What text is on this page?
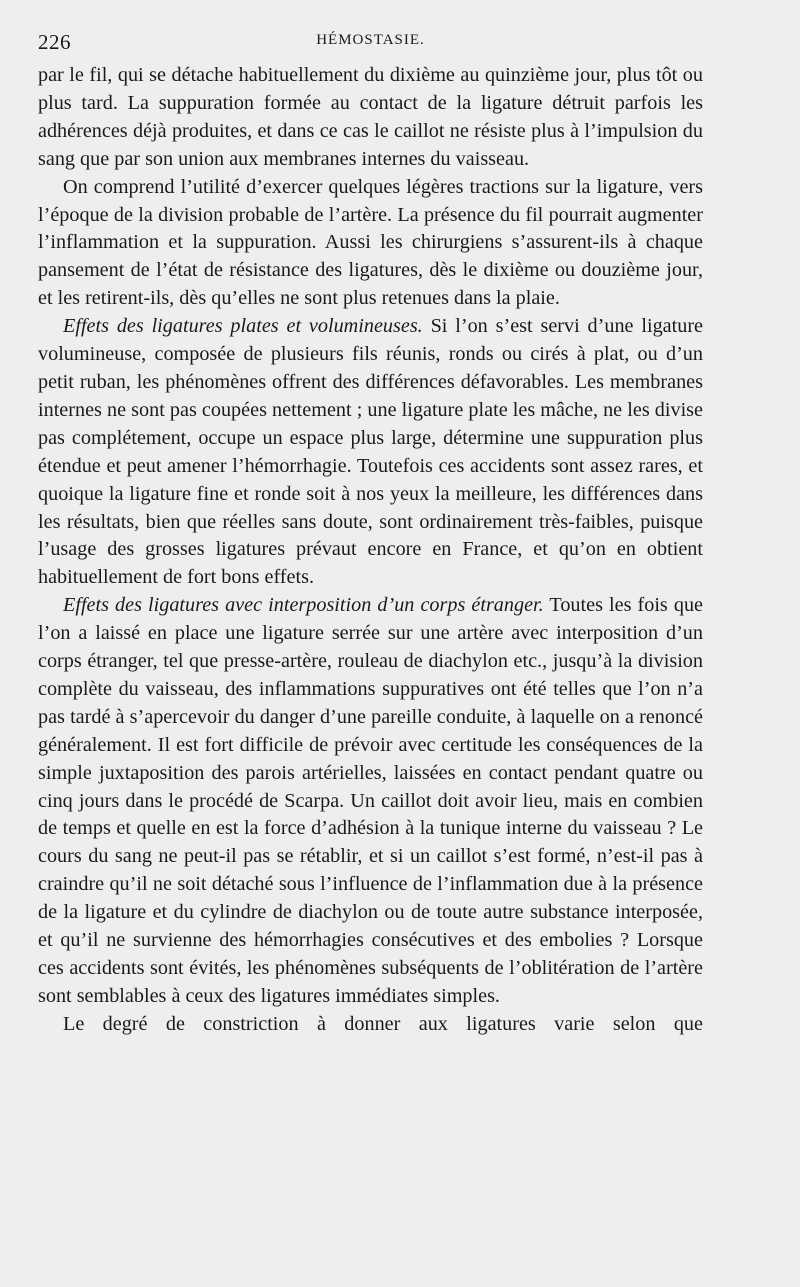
226	HÉMOSTASIE.

par le fil, qui se détache habituellement du dixième au quinzième jour, plus tôt ou plus tard. La suppuration formée au contact de la ligature détruit parfois les adhérences déjà produites, et dans ce cas le caillot ne résiste plus à l’impulsion du sang que par son union aux membranes internes du vaisseau.

On comprend l’utilité d’exercer quelques légères tractions sur la ligature, vers l’époque de la division probable de l’artère. La présence du fil pourrait augmenter l’inflammation et la suppuration. Aussi les chirurgiens s’assurent-ils à chaque pansement de l’état de résistance des ligatures, dès le dixième ou douzième jour, et les retirent-ils, dès qu’elles ne sont plus retenues dans la plaie.

Effets des ligatures plates et volumineuses. Si l’on s’est servi d’une ligature volumineuse, composée de plusieurs fils réunis, ronds ou cirés à plat, ou d’un petit ruban, les phénomènes offrent des différences défavorables. Les membranes internes ne sont pas coupées nettement ; une ligature plate les mâche, ne les divise pas complétement, occupe un espace plus large, détermine une suppuration plus étendue et peut amener l’hémorrhagie. Toutefois ces accidents sont assez rares, et quoique la ligature fine et ronde soit à nos yeux la meilleure, les différences dans les résultats, bien que réelles sans doute, sont ordinairement très-faibles, puisque l’usage des grosses ligatures prévaut encore en France, et qu’on en obtient habituellement de fort bons effets.

Effets des ligatures avec interposition d’un corps étranger. Toutes les fois que l’on a laissé en place une ligature serrée sur une artère avec interposition d’un corps étranger, tel que presse-artère, rouleau de diachylon etc., jusqu’à la division complète du vaisseau, des inflammations suppuratives ont été telles que l’on n’a pas tardé à s’apercevoir du danger d’une pareille conduite, à laquelle on a renoncé généralement. Il est fort difficile de prévoir avec certitude les conséquences de la simple juxtaposition des parois artérielles, laissées en contact pendant quatre ou cinq jours dans le procédé de Scarpa. Un caillot doit avoir lieu, mais en combien de temps et quelle en est la force d’adhésion à la tunique interne du vaisseau ? Le cours du sang ne peut-il pas se rétablir, et si un caillot s’est formé, n’est-il pas à craindre qu’il ne soit détaché sous l’influence de l’inflammation due à la présence de la ligature et du cylindre de diachylon ou de toute autre substance interposée, et qu’il ne survienne des hémorrhagies consécutives et des embolies ? Lorsque ces accidents sont évités, les phénomènes subséquents de l’oblitération de l’artère sont semblables à ceux des ligatures immédiates simples.

Le degré de constriction à donner aux ligatures varie selon que
